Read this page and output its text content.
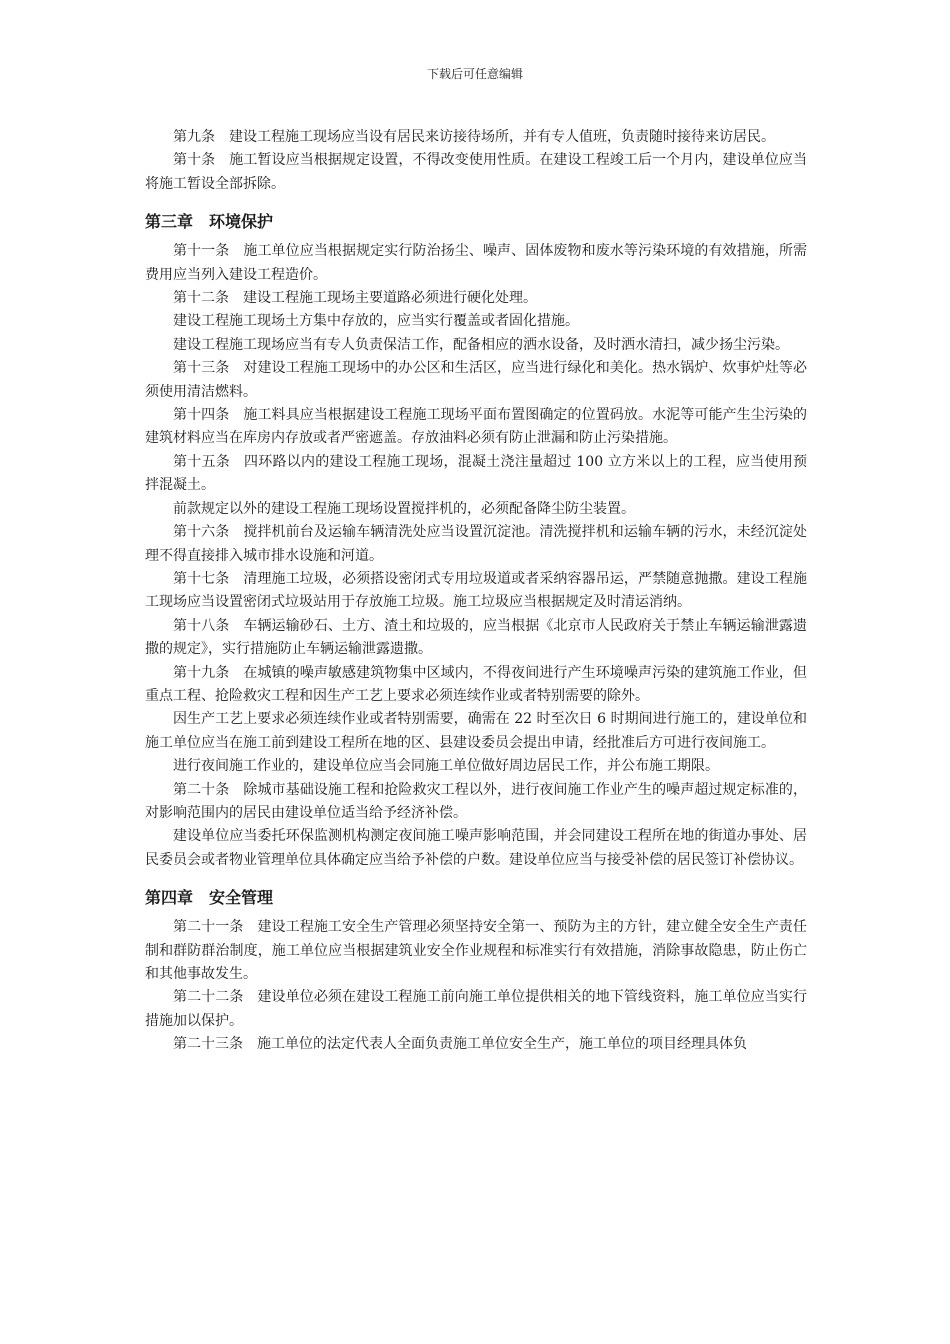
下载后可任意编辑

第九条 建设工程施工现场应当设有居民来访接待场所，并有专人值班，负责随时接待来访居民。

第十条 施工暂设应当根据规定设置，不得改变使用性质。在建设工程竣工后一个月内，建设单位应当将施工暂设全部拆除。

第三章 环境保护

第十一条 施工单位应当根据规定实行防治扬尘、噪声、固体废物和废水等污染环境的有效措施，所需费用应当列入建设工程造价。

第十二条 建设工程施工现场主要道路必须进行硬化处理。

建设工程施工现场土方集中存放的，应当实行覆盖或者固化措施。

建设工程施工现场应当有专人负责保洁工作，配备相应的洒水设备，及时洒水清扫，减少扬尘污染。

第十三条 对建设工程施工现场中的办公区和生活区，应当进行绿化和美化。热水锅炉、炊事炉灶等必须使用清洁燃料。

第十四条 施工料具应当根据建设工程施工现场平面布置图确定的位置码放。水泥等可能产生尘污染的建筑材料应当在库房内存放或者严密遮盖。存放油料必须有防止泄漏和防止污染措施。

第十五条 四环路以内的建设工程施工现场，混凝土浇注量超过 100 立方米以上的工程，应当使用预拌混凝土。

前款规定以外的建设工程施工现场设置搅拌机的，必须配备降尘防尘装置。

第十六条 搅拌机前台及运输车辆清洗处应当设置沉淀池。清洗搅拌机和运输车辆的污水，未经沉淀处理不得直接排入城市排水设施和河道。

第十七条 清理施工垃圾，必须搭设密闭式专用垃圾道或者采纳容器吊运，严禁随意抛撒。建设工程施工现场应当设置密闭式垃圾站用于存放施工垃圾。施工垃圾应当根据规定及时清运消纳。

第十八条 车辆运输砂石、土方、渣土和垃圾的，应当根据《北京市人民政府关于禁止车辆运输泄露遗撒的规定》，实行措施防止车辆运输泄露遗撒。

第十九条 在城镇的噪声敏感建筑物集中区域内，不得夜间进行产生环境噪声污染的建筑施工作业，但重点工程、抢险救灾工程和因生产工艺上要求必须连续作业或者特别需要的除外。

因生产工艺上要求必须连续作业或者特别需要，确需在 22 时至次日 6 时期间进行施工的，建设单位和施工单位应当在施工前到建设工程所在地的区、县建设委员会提出申请，经批准后方可进行夜间施工。

进行夜间施工作业的，建设单位应当会同施工单位做好周边居民工作，并公布施工期限。

第二十条 除城市基础设施工程和抢险救灾工程以外，进行夜间施工作业产生的噪声超过规定标准的，对影响范围内的居民由建设单位适当给予经济补偿。

建设单位应当委托环保监测机构测定夜间施工噪声影响范围，并会同建设工程所在地的街道办事处、居民委员会或者物业管理单位具体确定应当给予补偿的户数。建设单位应当与接受补偿的居民签订补偿协议。

第四章 安全管理

第二十一条 建设工程施工安全生产管理必须坚持安全第一、预防为主的方针，建立健全安全生产责任制和群防群治制度，施工单位应当根据建筑业安全作业规程和标准实行有效措施，消除事故隐患，防止伤亡和其他事故发生。

第二十二条 建设单位必须在建设工程施工前向施工单位提供相关的地下管线资料，施工单位应当实行措施加以保护。

第二十三条 施工单位的法定代表人全面负责施工单位安全生产，施工单位的项目经理具体负
